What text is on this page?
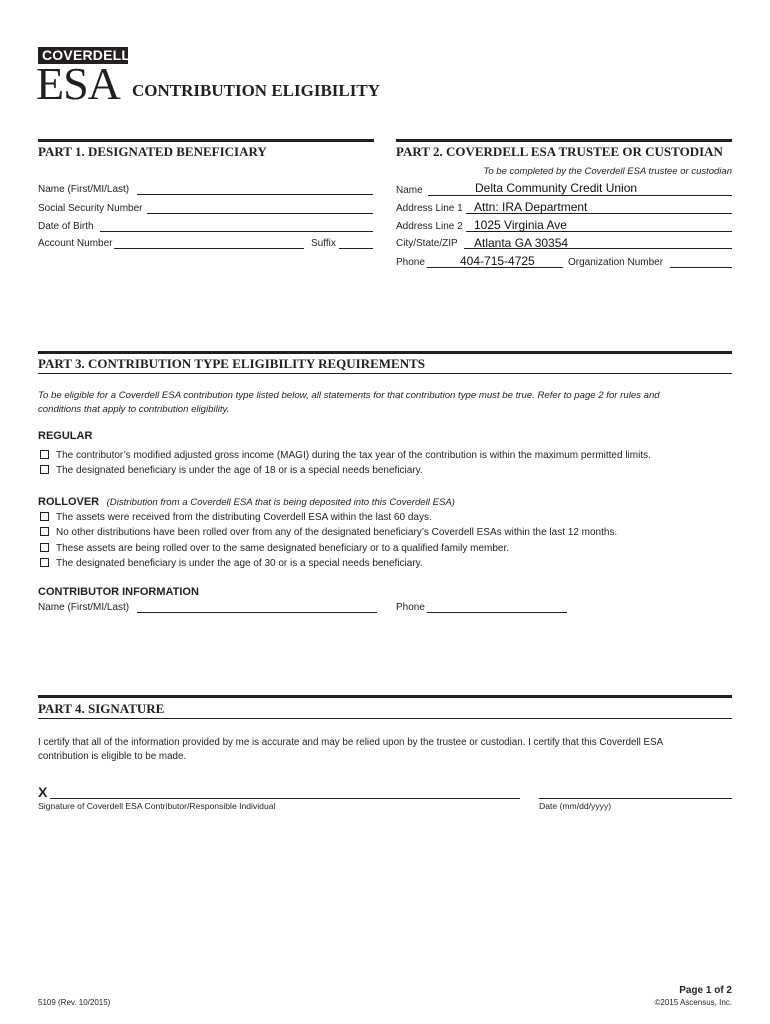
COVERDELL
ESA CONTRIBUTION ELIGIBILITY
PART 1. DESIGNATED BENEFICIARY
Name (First/MI/Last)
Social Security Number
Date of Birth
Account Number	Suffix
PART 2. COVERDELL ESA TRUSTEE OR CUSTODIAN
To be completed by the Coverdell ESA trustee or custodian
Name	Delta Community Credit Union
Address Line 1 Attn: IRA Department
Address Line 2 1025 Virginia Ave
City/State/ZIP Atlanta GA 30354
Phone	404-715-4725	Organization Number
PART 3. CONTRIBUTION TYPE ELIGIBILITY REQUIREMENTS
To be eligible for a Coverdell ESA contribution type listed below, all statements for that contribution type must be true. Refer to page 2 for rules and
conditions that apply to contribution eligibility.
REGULAR
The contributor’s modified adjusted gross income (MAGI) during the tax year of the contribution is within the maximum permitted limits.
The designated beneficiary is under the age of 18 or is a special needs beneficiary.
ROLLOVER (Distribution from a Coverdell ESA that is being deposited into this Coverdell ESA)
The assets were received from the distributing Coverdell ESA within the last 60 days.
No other distributions have been rolled over from any of the designated beneficiary’s Coverdell ESAs within the last 12 months.
These assets are being rolled over to the same designated beneficiary or to a qualified family member.
The designated beneficiary is under the age of 30 or is a special needs beneficiary.
CONTRIBUTOR INFORMATION
Name (First/MI/Last)	Phone
PART 4. SIGNATURE
I certify that all of the information provided by me is accurate and may be relied upon by the trustee or custodian. I certify that this Coverdell ESA
contribution is eligible to be made.
X
Signature of Coverdell ESA Contributor/Responsible Individual	Date (mm/dd/yyyy)
Page 1 of 2
5109 (Rev. 10/2015)	©2015 Ascensus, Inc.
